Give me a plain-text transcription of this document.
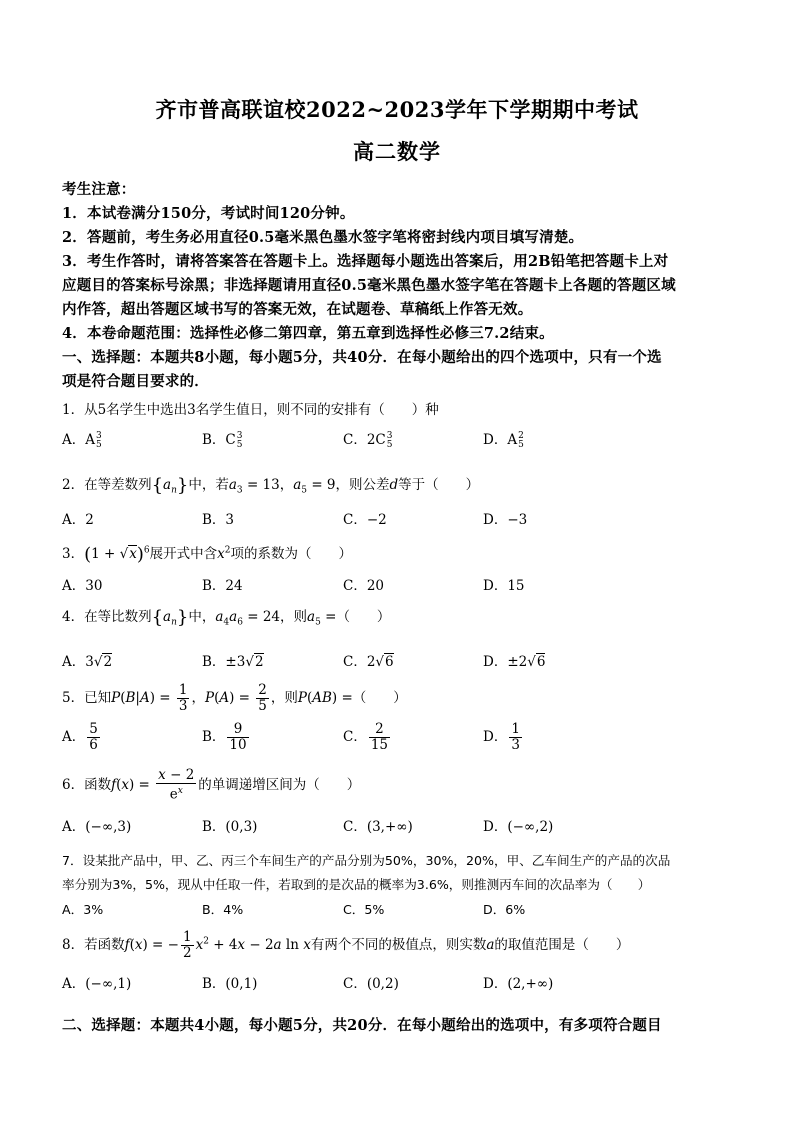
齐市普高联谊校2022~2023学年下学期期中考试
高二数学
考生注意：
1．本试卷满分150分，考试时间120分钟。
2．答题前，考生务必用直径0.5毫米黑色墨水签字笔将密封线内项目填写清楚。
3．考生作答时，请将答案答在答题卡上。选择题每小题选出答案后，用2B铅笔把答题卡上对
应题目的答案标号涂黑；非选择题请用直径0.5毫米黑色墨水签字笔在答题卡上各题的答题区域
内作答，超出答题区域书写的答案无效，在试题卷、草稿纸上作答无效。
4．本卷命题范围：选择性必修二第四章，第五章到选择性必修三7.2结束。
一、选择题：本题共8小题，每小题5分，共40分．在每小题给出的四个选项中，只有一个选
项是符合题目要求的．
1．从5名学生中选出3名学生值日，则不同的安排有（　　）种
A．A 3
5	B．C 3
5	C．2C 3
5	D．A 2
5
2．在等差数列$\{a_n\}$中，若$a_3 = 13$，$a_5 = 9$，则公差d等于（　　）
A．2	B．3	C．−2	D．−3
3．$(1 + √x)^6$展开式中含$x^2$项的系数为（　　）
A．30	B．24	C．20	D．15
4．在等比数列$\{a_n\}$中，$a_4a_6 = 24$，则$a_5$ =（　　）
A．3√2	B．±3√2	C．2√6	D．±2√6
5．已知$P(B|A) = \frac{1}{3}$ ，$P(A) = \frac{2}{5}$ ，则P(AB) =（　　）
A． $\frac{5}{6}$	B． $\frac{9}{10}$	C． $\frac{2}{15}$	D． $\frac{1}{3}$
6．函数$f(x) = \frac{x - 2}{e^x}$ 的单调递增区间为（　　）
A．(−∞,3)	B．(0,3)	C．(3,+∞)	D．(−∞,2)
7．设某批产品中，甲、乙、丙三个车间生产的产品分别为50%，30%，20%，甲、乙车间生产的产品的次品
率分别为3%，5%，现从中任取一件，若取到的是次品的概率为3.6%，则推测丙车间的次品率为（　　）
A．3%	B．4%	C．5%	D．6%
8．若函数f(x) = − $\frac{1}{2} x^2 + 4x - 2a$ ln x有两个不同的极值点，则实数a的取值范围是（　　）
A．(−∞,1)	B．(0,1)	C．(0,2)	D．(2,+∞)
二、选择题：本题共4小题，每小题5分，共20分．在每小题给出的选项中，有多项符合题目
